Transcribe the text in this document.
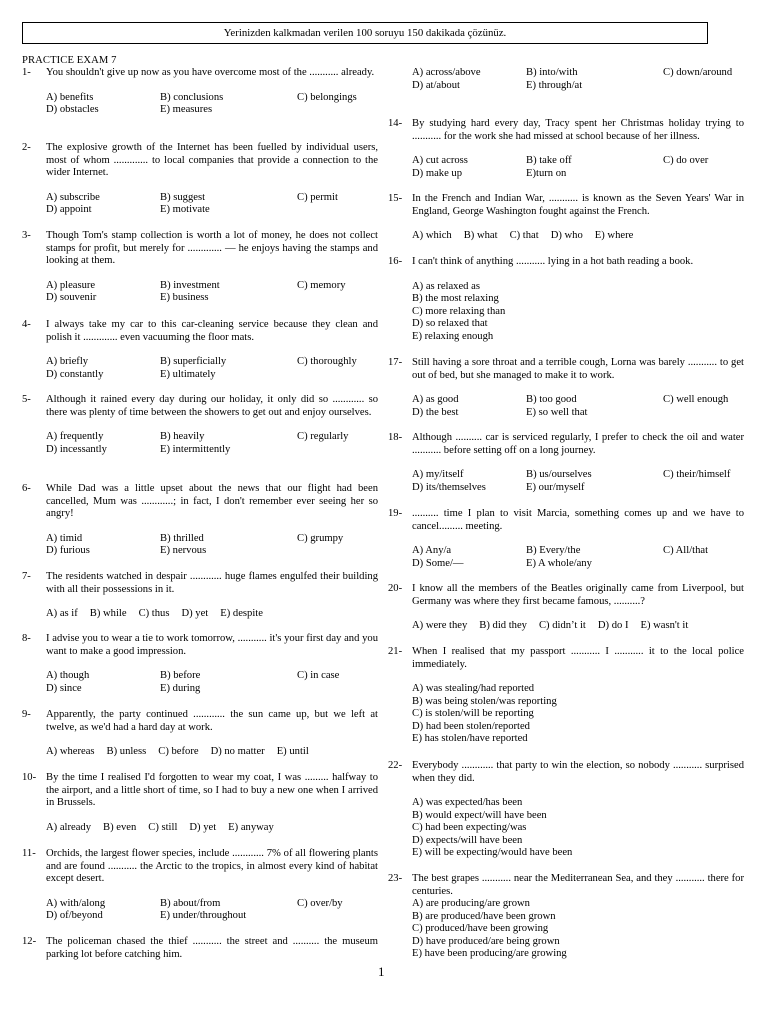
Yerinizden kalkmadan verilen 100 soruyu 150 dakikada çözünüz.
PRACTICE EXAM 7
1-	You shouldn't give up now as you have overcome most of the ........... already.
A) benefits	B) conclusions	C) belongings
D) obstacles	E) measures
2-	The explosive growth of the Internet has been fuelled by individual users, most of whom ............. to local companies that provide a connection to the wider Internet.
A) subscribe	B) suggest	C) permit
D) appoint	E) motivate
3-	Though Tom's stamp collection is worth a lot of money, he does not collect stamps for profit, but merely for ............. — he enjoys having the stamps and looking at them.
A) pleasure	B) investment	C) memory
D) souvenir	E) business
4-	I always take my car to this car-cleaning service because they clean and polish it ............. even vacuuming the floor mats.
A) briefly	B) superficially	C) thoroughly
D) constantly	E) ultimately
5-	Although it rained every day during our holiday, it only did so ............ so there was plenty of time between the showers to get out and enjoy ourselves.
A) frequently	B) heavily	C) regularly
D) incessantly	E) intermittently
6-	While Dad was a little upset about the news that our flight had been cancelled, Mum was ............; in fact, I don't remember ever seeing her so angry!
A) timid	B) thrilled	C) grumpy
D) furious	E) nervous
7-	The residents watched in despair ............ huge flames engulfed their building with all their possessions in it.
A) as if	B) while	C) thus	D) yet	E) despite
8-	I advise you to wear a tie to work tomorrow, ........... it's your first day and you want to make a good impression.
A) though	B) before	C) in case
D) since	E) during
9-	Apparently, the party continued ............ the sun came up, but we left at twelve, as we'd had a hard day at work.
A) whereas	B) unless	C) before	D) no matter	E) until
10- By the time I realised I'd forgotten to wear my coat, I was ......... halfway to the airport, and a little short of time, so I had to buy a new one when I arrived in Brussels.
A) already	B) even	C) still	D) yet	E) anyway
11- Orchids, the largest flower species, include ............ 7% of all flowering plants and are found ........... the Arctic to the tropics, in almost every kind of habitat except desert.
A) with/along	B) about/from	C) over/by
D) of/beyond	E) under/throughout
12- The policeman chased the thief ........... the street and .......... the museum parking lot before catching him.
A) across/above	B) into/with	C) down/around
D) at/about	E) through/at
14- By studying hard every day, Tracy spent her Christmas holiday trying to ........... for the work she had missed at school because of her illness.
A) cut across	B) take off	C) do over
D) make up	E)turn on
15- In the French and Indian War, ........... is known as the Seven Years' War in England, George Washington fought against the French.
A) which	B) what	C) that	D) who	E) where
16- I can't think of anything ........... lying in a hot bath reading a book.
A) as relaxed as
B) the most relaxing
C) more relaxing than
D) so relaxed that
E) relaxing enough
17- Still having a sore throat and a terrible cough, Lorna was barely ........... to get out of bed, but she managed to make it to work.
A) as good	B) too good	C) well enough
D) the best	E) so well that
18- Although .......... car is serviced regularly, I prefer to check the oil and water ........... before setting off on a long journey.
A) my/itself	B) us/ourselves	C) their/himself
D) its/themselves	E) our/myself
19- .......... time I plan to visit Marcia, something comes up and we have to cancel......... meeting.
A) Any/a	B) Every/the	C) All/that
D) Some/—	E) A whole/any
20- I know all the members of the Beatles originally came from Liverpool, but Germany was where they first became famous, ..........?
A) were they	B) did they	C) didn’t it	D) do I	E) wasn't it
21- When I realised that my passport ........... I ........... it to the local police immediately.
A) was stealing/had reported
B) was being stolen/was reporting
C) is stolen/will be reporting
D) had been stolen/reported
E) has stolen/have reported
22- Everybody ............ that party to win the election, so nobody ........... surprised when they did.
A) was expected/has been
B) would expect/will have been
C) had been expecting/was
D) expects/will have been
E) will be expecting/would have been
23- The best grapes ........... near the Mediterranean Sea, and they ........... there for centuries.
A) are producing/are grown
B) are produced/have been grown
C) produced/have been growing
D) have produced/are being grown
E) have been producing/are growing
1
